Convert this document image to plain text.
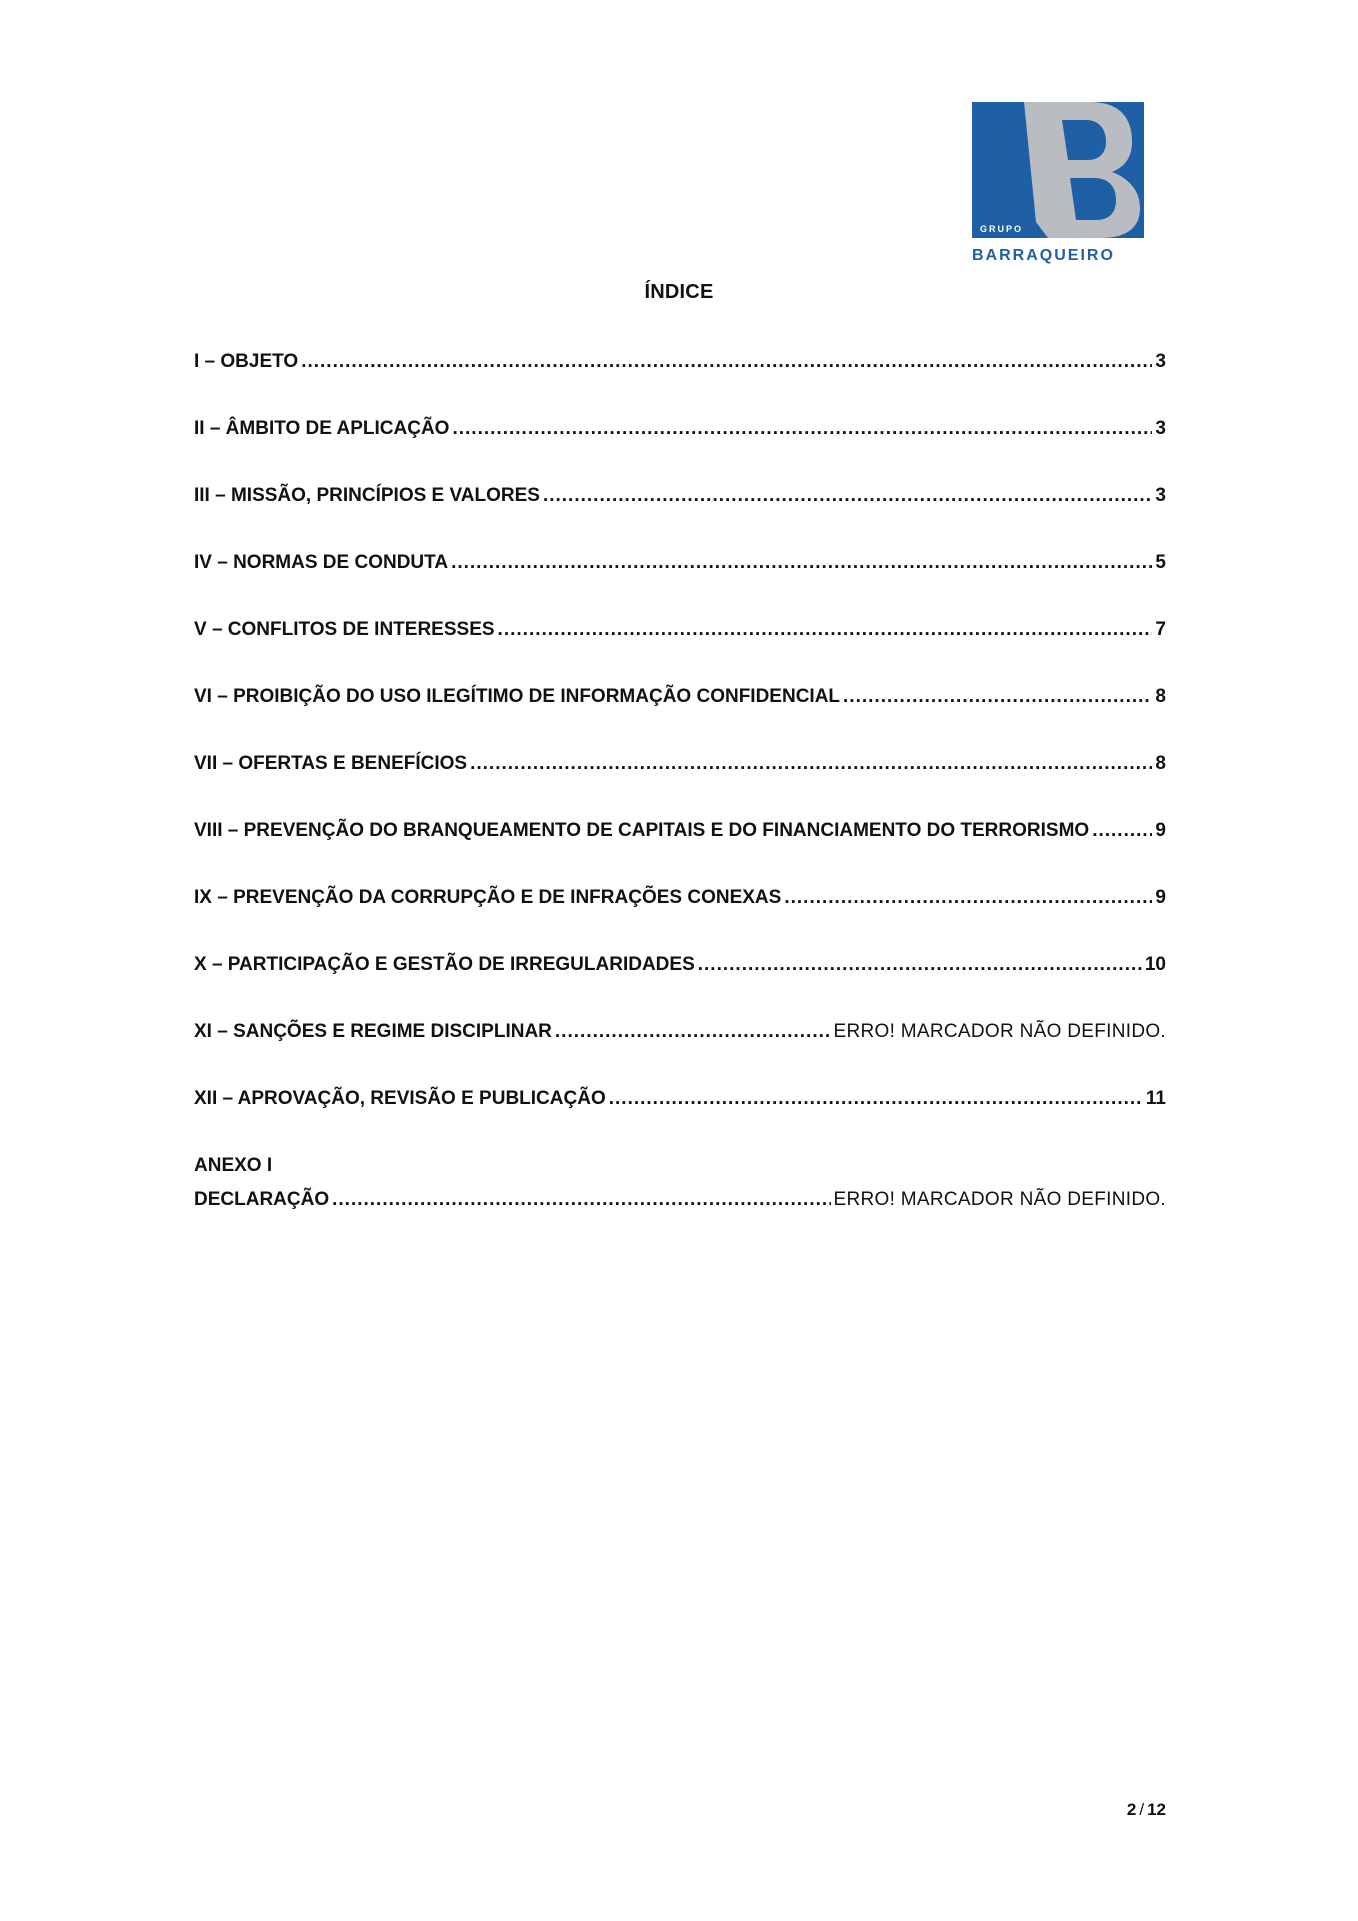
GRUPO
BARRAQUEIRO
ÍNDICE
I – OBJETO .....	3
II – ÂMBITO DE APLICAÇÃO .....	3
III – MISSÃO, PRINCÍPIOS E VALORES .....	3
IV – NORMAS DE CONDUTA .....	5
V – CONFLITOS DE INTERESSES .....	7
VI – PROIBIÇÃO DO USO ILEGÍTIMO DE INFORMAÇÃO CONFIDENCIAL .....	8
VII – OFERTAS E BENEFÍCIOS .....	8
VIII – PREVENÇÃO DO BRANQUEAMENTO DE CAPITAIS E DO FINANCIAMENTO DO TERRORISMO .....	9
IX – PREVENÇÃO DA CORRUPÇÃO E DE INFRAÇÕES CONEXAS .....	9
X – PARTICIPAÇÃO E GESTÃO DE IRREGULARIDADES .....	10
XI – SANÇÕES E REGIME DISCIPLINAR .....	ERRO! MARCADOR NÃO DEFINIDO.
XII – APROVAÇÃO, REVISÃO E PUBLICAÇÃO .....	11
ANEXO I
DECLARAÇÃO .....	ERRO! MARCADOR NÃO DEFINIDO.
2 / 12
